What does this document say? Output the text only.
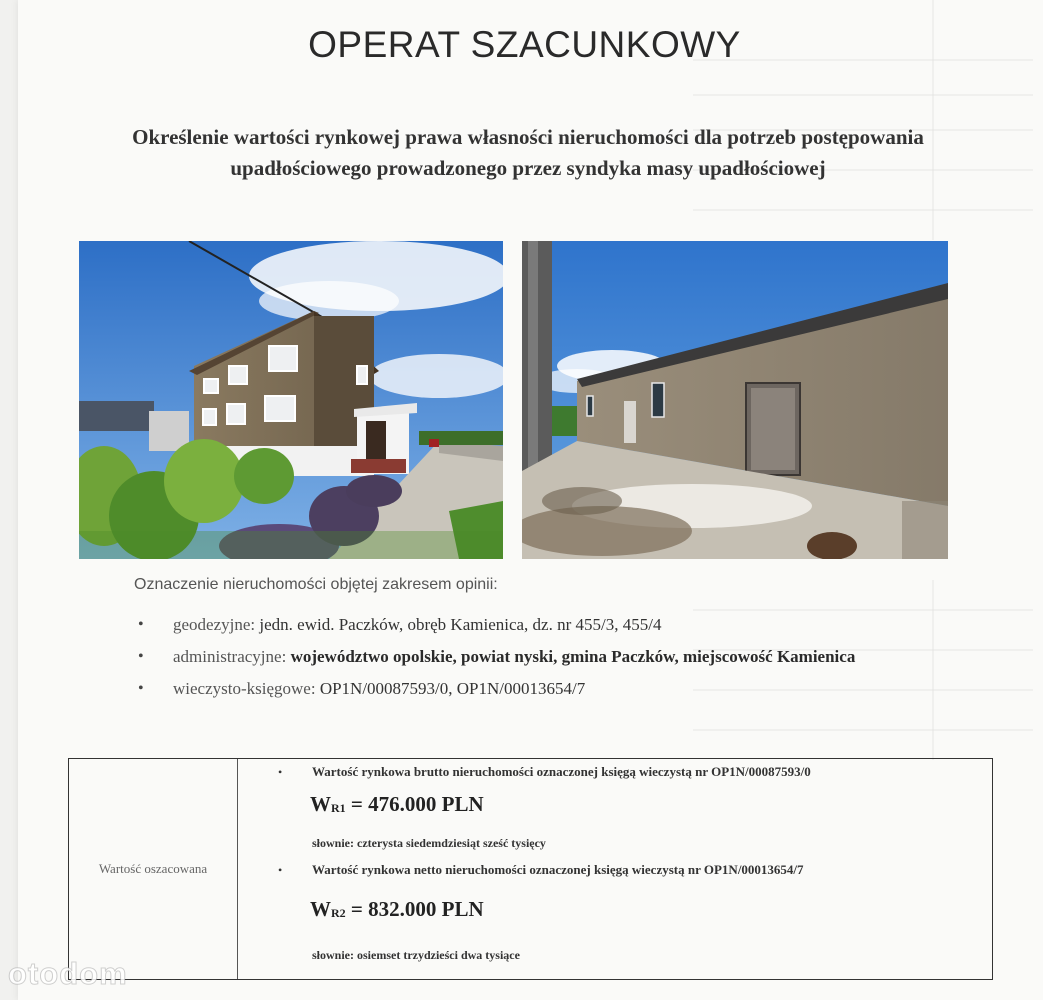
OPERAT SZACUNKOWY

Określenie wartości rynkowej prawa własności nieruchomości dla potrzeb postępowania upadłościowego prowadzonego przez syndyka masy upadłościowej

Oznaczenie nieruchomości objętej zakresem opinii:

• geodezyjne: jedn. ewid. Paczków, obręb Kamienica, dz. nr 455/3, 455/4
• administracyjne: województwo opolskie, powiat nyski, gmina Paczków, miejscowość Kamienica
• wieczysto-księgowe: OP1N/00087593/0, OP1N/00013654/7
Wartość oszacowana
• Wartość rynkowa brutto nieruchomości oznaczonej księgą wieczystą nr OP1N/00087593/0
$W_{R1} = 476.000$ PLN
słownie: czterysta siedemdziesiąt sześć tysięcy
• Wartość rynkowa netto nieruchomości oznaczonej księgą wieczystą nr OP1N/00013654/7
$W_{R2} = 832.000$ PLN
słownie: osiemset trzydzieści dwa tysiące

otodom
